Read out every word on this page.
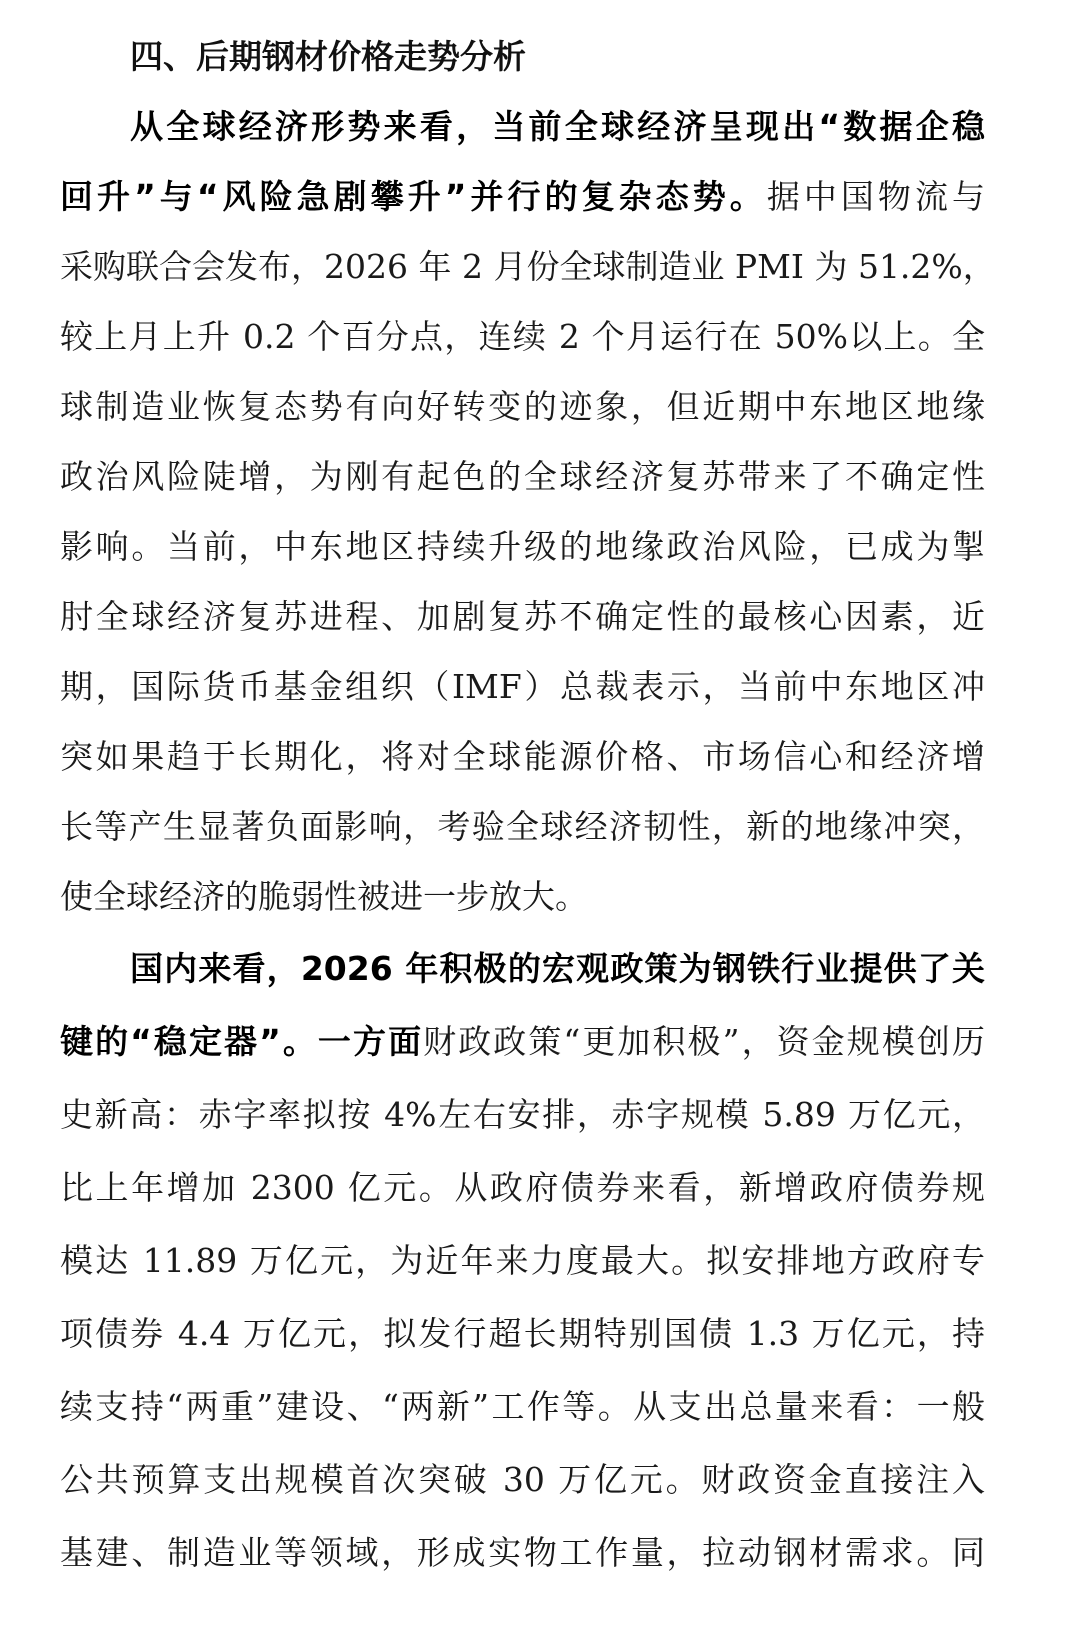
四、后期钢材价格走势分析
从全球经济形势来看，当前全球经济呈现出“数据企稳
回升”与“风险急剧攀升”并行的复杂态势。据中国物流与
采购联合会发布，2026 年 2 月份全球制造业 PMI 为 51.2%，
较上月上升 0.2 个百分点，连续 2 个月运行在 50%以上。全
球制造业恢复态势有向好转变的迹象，但近期中东地区地缘
政治风险陡增，为刚有起色的全球经济复苏带来了不确定性
影响。当前，中东地区持续升级的地缘政治风险，已成为掣
肘全球经济复苏进程、加剧复苏不确定性的最核心因素，近
期，国际货币基金组织（IMF）总裁表示，当前中东地区冲
突如果趋于长期化，将对全球能源价格、市场信心和经济增
长等产生显著负面影响，考验全球经济韧性，新的地缘冲突，
使全球经济的脆弱性被进一步放大。
国内来看，2026 年积极的宏观政策为钢铁行业提供了关
键的“稳定器”。一方面财政政策“更加积极”，资金规模创历
史新高：赤字率拟按 4%左右安排，赤字规模 5.89 万亿元，
比上年增加 2300 亿元。从政府债券来看，新增政府债券规
模达 11.89 万亿元，为近年来力度最大。拟安排地方政府专
项债券 4.4 万亿元，拟发行超长期特别国债 1.3 万亿元，持
续支持“两重”建设、“两新”工作等。从支出总量来看：一般
公共预算支出规模首次突破 30 万亿元。财政资金直接注入
基建、制造业等领域，形成实物工作量，拉动钢材需求。同
